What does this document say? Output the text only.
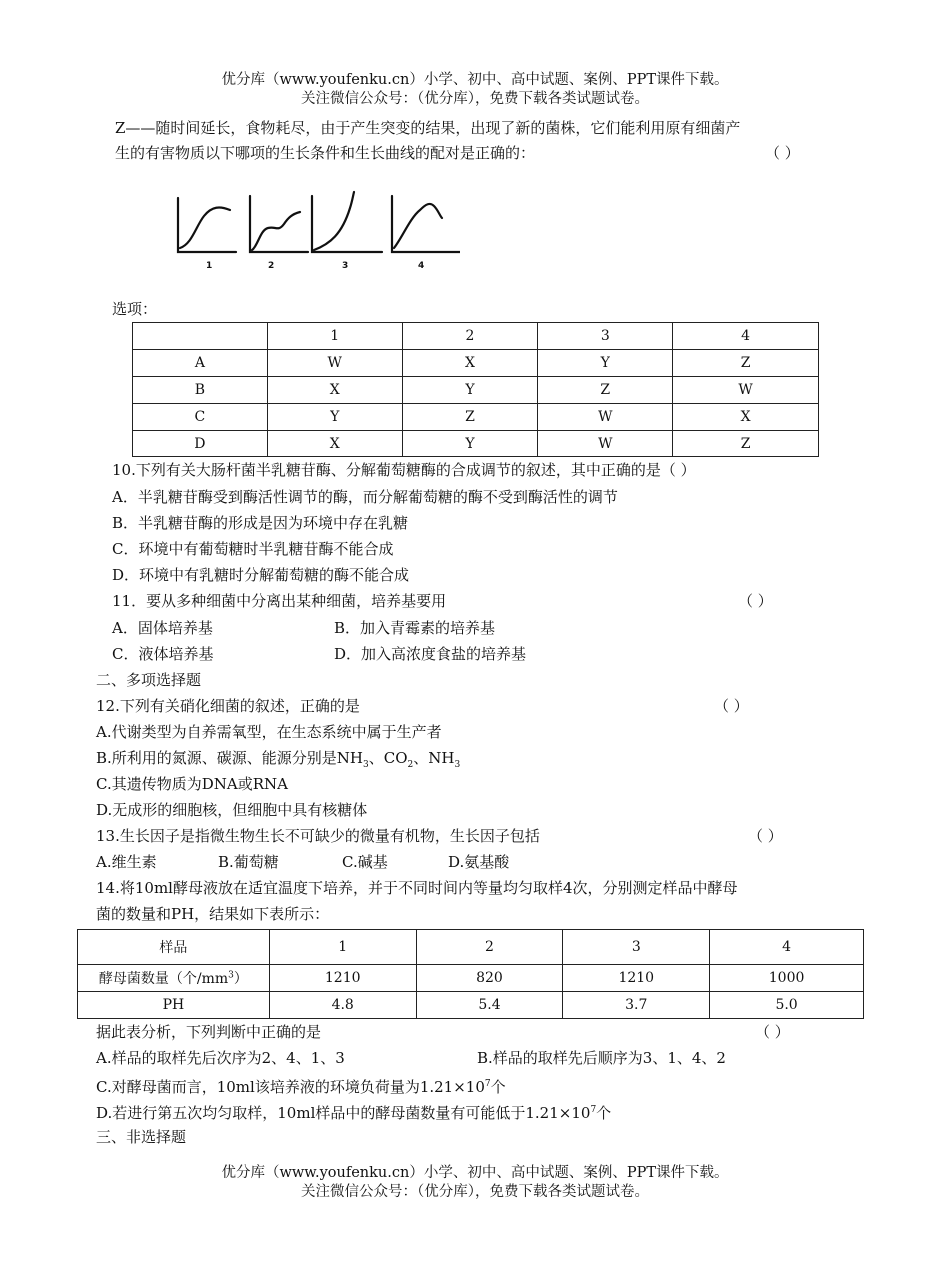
优分库（www.youfenku.cn）小学、初中、高中试题、案例、PPT课件下载。
关注微信公众号：（优分库），免费下载各类试题试卷。
Z——随时间延长，食物耗尽，由于产生突变的结果，出现了新的菌株，它们能利用原有细菌产
生的有害物质以下哪项的生长条件和生长曲线的配对是正确的：	（ ）
1	2	3	4
选项：
	1	2	3	4
A	W	X	Y	Z
B	X	Y	Z	W
C	Y	Z	W	X
D	X	Y	W	Z
10.下列有关大肠杆菌半乳糖苷酶、分解葡萄糖酶的合成调节的叙述，其中正确的是（ ）
A．半乳糖苷酶受到酶活性调节的酶，而分解葡萄糖的酶不受到酶活性的调节
B．半乳糖苷酶的形成是因为环境中存在乳糖
C．环境中有葡萄糖时半乳糖苷酶不能合成
D．环境中有乳糖时分解葡萄糖的酶不能合成
11．要从多种细菌中分离出某种细菌，培养基要用	（ ）
A．固体培养基	B．加入青霉素的培养基
C．液体培养基	D．加入高浓度食盐的培养基
二、多项选择题
12.下列有关硝化细菌的叙述，正确的是	（ ）
A.代谢类型为自养需氧型，在生态系统中属于生产者
B.所利用的氮源、碳源、能源分别是$NH_3$、$CO_2$、$NH_3$
C.其遗传物质为DNA或RNA
D.无成形的细胞核，但细胞中具有核糖体
13.生长因子是指微生物生长不可缺少的微量有机物，生长因子包括	（ ）
A.维生素	B.葡萄糖	C.碱基	D.氨基酸
14.将10ml酵母液放在适宜温度下培养，并于不同时间内等量均匀取样4次，分别测定样品中酵母
菌的数量和PH，结果如下表所示：
样品	1	2	3	4
酵母菌数量（个$/mm^3$）	1210	820	1210	1000
PH	4.8	5.4	3.7	5.0
据此表分析，下列判断中正确的是	（ ）
A.样品的取样先后次序为2、4、1、3	B.样品的取样先后顺序为3、1、4、2
C.对酵母菌而言，10ml该培养液的环境负荷量为$1.21\times 10^7$个
D.若进行第五次均匀取样，10ml样品中的酵母菌数量有可能低于$1.21\times 10^7$个
三、非选择题
优分库（www.youfenku.cn）小学、初中、高中试题、案例、PPT课件下载。
关注微信公众号：（优分库），免费下载各类试题试卷。
